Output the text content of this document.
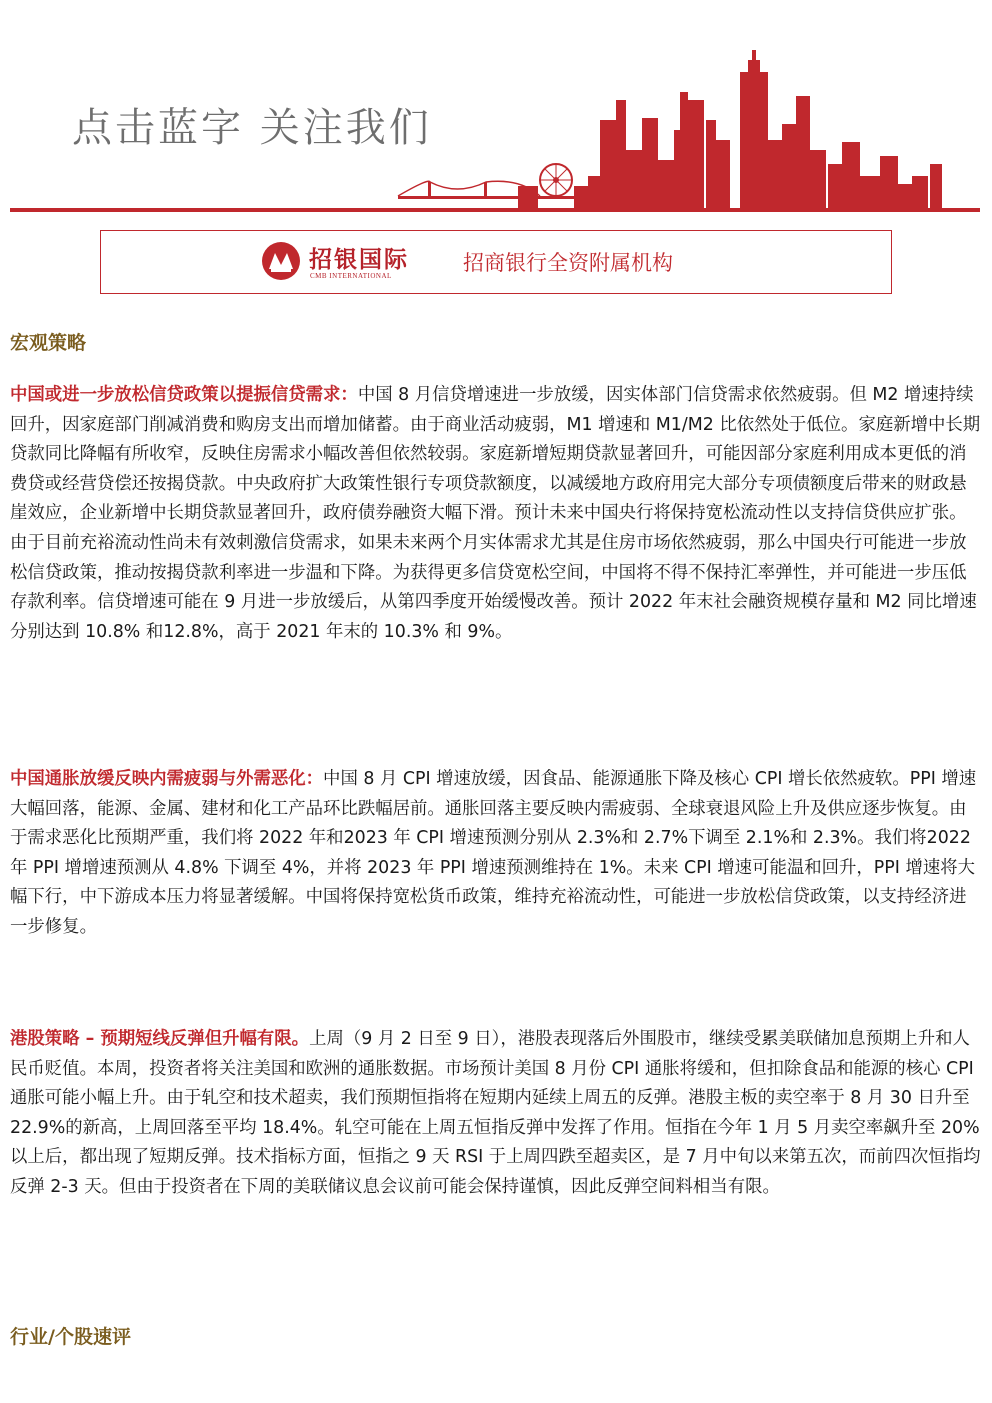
点击蓝字 关注我们
招银国际
CMB INTERNATIONAL
招商银行全资附属机构
宏观策略
中国或进一步放松信贷政策以提振信贷需求：中国 8 月信贷增速进一步放缓，因实体部门信贷需求依然疲弱。但 M2 增速持续回升，因家庭部门削减消费和购房支出而增加储蓄。由于商业活动疲弱，M1 增速和 M1/M2 比依然处于低位。家庭新增中长期贷款同比降幅有所收窄，反映住房需求小幅改善但依然较弱。家庭新增短期贷款显著回升，可能因部分家庭利用成本更低的消费贷或经营贷偿还按揭贷款。中央政府扩大政策性银行专项贷款额度，以减缓地方政府用完大部分专项债额度后带来的财政悬崖效应，企业新增中长期贷款显著回升，政府债券融资大幅下滑。预计未来中国央行将保持宽松流动性以支持信贷供应扩张。由于目前充裕流动性尚未有效刺激信贷需求，如果未来两个月实体需求尤其是住房市场依然疲弱，那么中国央行可能进一步放松信贷政策，推动按揭贷款利率进一步温和下降。为获得更多信贷宽松空间，中国将不得不保持汇率弹性，并可能进一步压低存款利率。信贷增速可能在 9 月进一步放缓后，从第四季度开始缓慢改善。预计 2022 年末社会融资规模存量和 M2 同比增速分别达到 10.8% 和12.8%，高于 2021 年末的 10.3% 和 9%。
中国通胀放缓反映内需疲弱与外需恶化：中国 8 月 CPI 增速放缓，因食品、能源通胀下降及核心 CPI 增长依然疲软。PPI 增速大幅回落，能源、金属、建材和化工产品环比跌幅居前。通胀回落主要反映内需疲弱、全球衰退风险上升及供应逐步恢复。由于需求恶化比预期严重，我们将 2022 年和2023 年 CPI 增速预测分别从 2.3%和 2.7%下调至 2.1%和 2.3%。我们将2022 年 PPI 增增速预测从 4.8% 下调至 4%，并将 2023 年 PPI 增速预测维持在 1%。未来 CPI 增速可能温和回升，PPI 增速将大幅下行，中下游成本压力将显著缓解。中国将保持宽松货币政策，维持充裕流动性，可能进一步放松信贷政策，以支持经济进一步修复。
港股策略 – 预期短线反弹但升幅有限。上周（9 月 2 日至 9 日），港股表现落后外围股市，继续受累美联储加息预期上升和人民币贬值。本周，投资者将关注美国和欧洲的通胀数据。市场预计美国 8 月份 CPI 通胀将缓和，但扣除食品和能源的核心 CPI 通胀可能小幅上升。由于轧空和技术超卖，我们预期恒指将在短期内延续上周五的反弹。港股主板的卖空率于 8 月 30 日升至22.9%的新高，上周回落至平均 18.4%。轧空可能在上周五恒指反弹中发挥了作用。恒指在今年 1 月 5 月卖空率飙升至 20% 以上后，都出现了短期反弹。技术指标方面，恒指之 9 天 RSI 于上周四跌至超卖区，是 7 月中旬以来第五次，而前四次恒指均反弹 2-3 天。但由于投资者在下周的美联储议息会议前可能会保持谨慎，因此反弹空间料相当有限。
行业/个股速评
